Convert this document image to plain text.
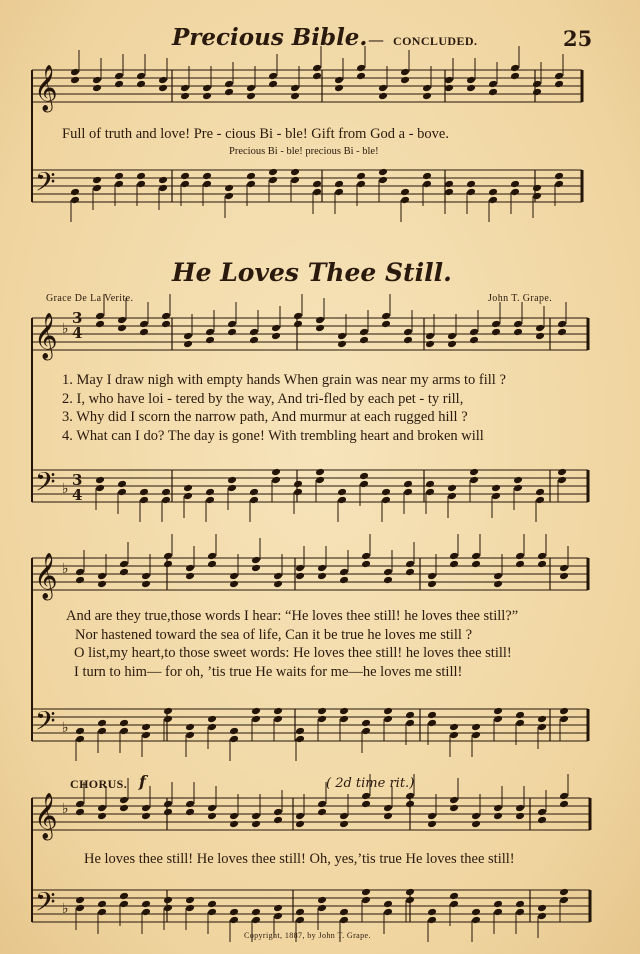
𝄞
𝄢
𝄞
𝄢
♭
♭
𝄞
𝄢
♭
♭
𝄞
𝄢
♭
♭
Precious Bible. — CONCLUDED.	25
Full of truth and love! Pre - cious Bi - ble! Gift from God a - bove.
Precious Bi - ble! precious Bi - ble!
He Loves Thee Still.
Grace De La Verite.	John T. Grape.
3
4
3
4
1. May I draw nigh with empty hands When grain was near my arms to fill ?
2. I, who have loi - tered by the way, And tri-fled by each pet - ty rill,
3. Why did I scorn the narrow path, And murmur at each rugged hill ?
4. What can I do? The day is gone! With trembling heart and broken will
And are they true,those words I hear: “He loves thee still! he loves thee still?”
Nor hastened toward the sea of life, Can it be true he loves me still ?
O list,my heart,to those sweet words: He loves thee still! he loves thee still!
I turn to him— for oh, ’tis true He waits for me—he loves me still!
CHORUS. f	( 2d time rit.)
He loves thee still! He loves thee still! Oh, yes,’tis true He loves thee still!
Copyright, 1887, by John T. Grape.
